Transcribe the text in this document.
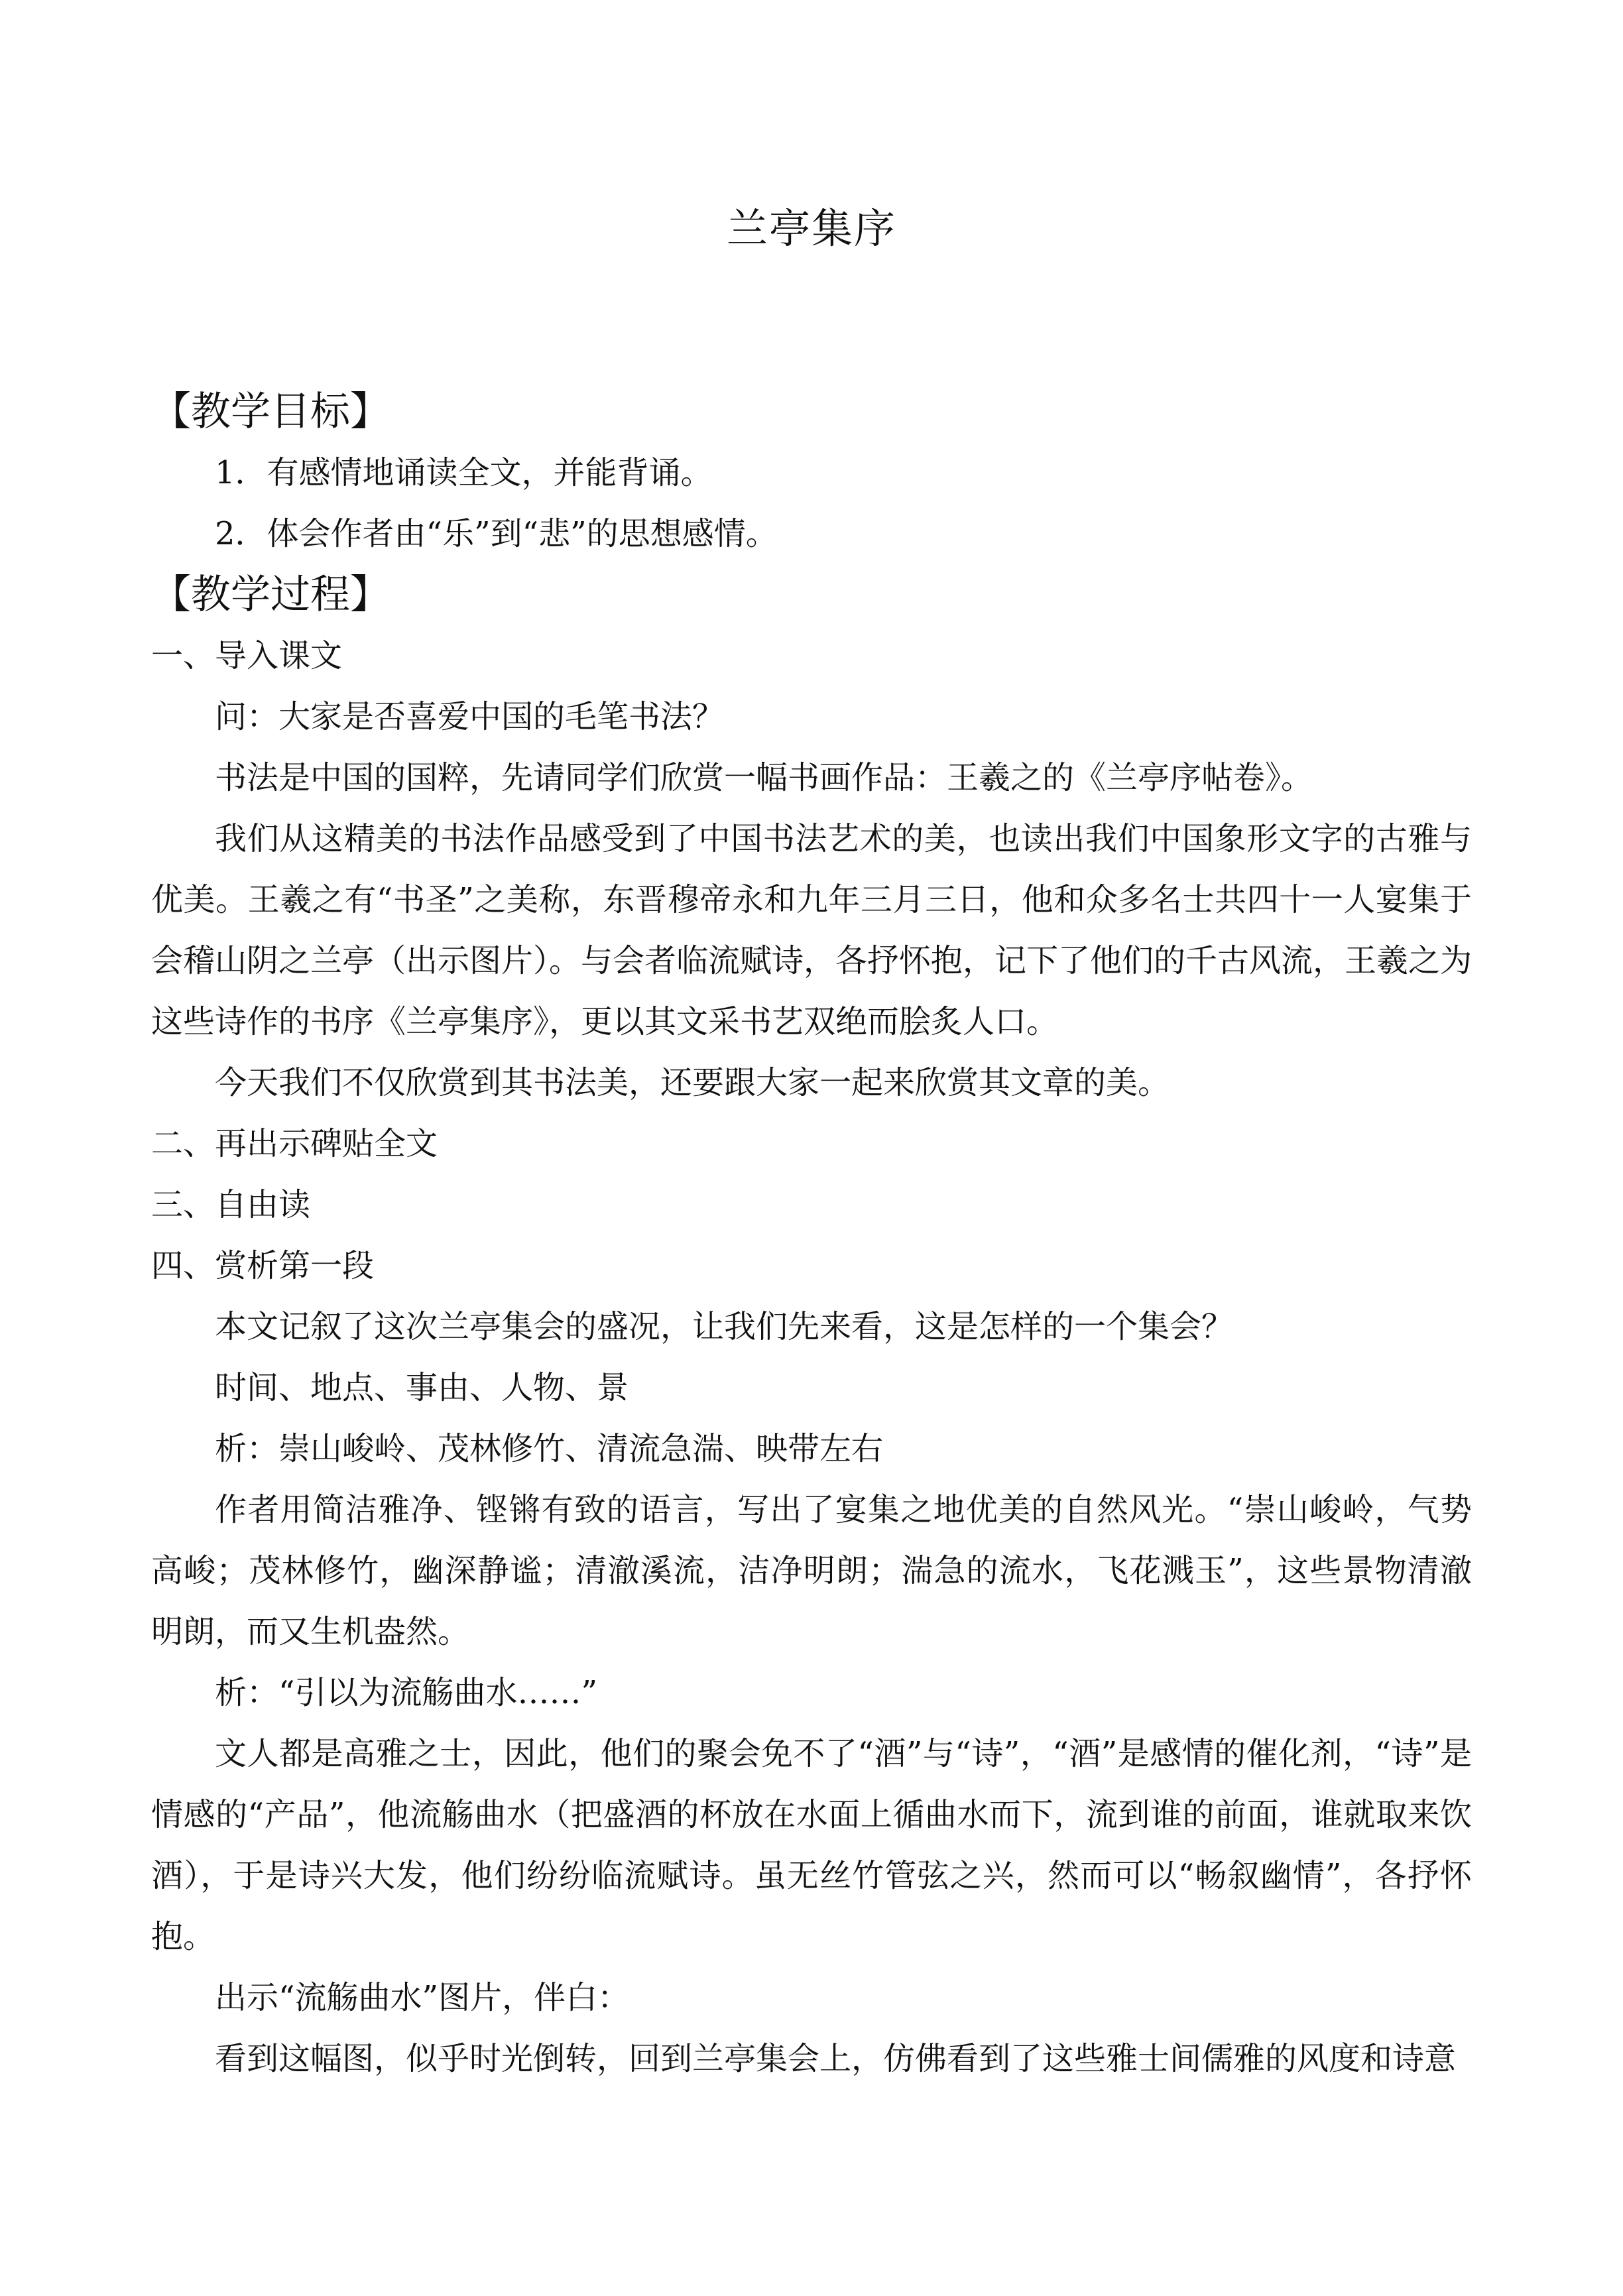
兰亭集序
【教学目标】
1．有感情地诵读全文，并能背诵。
2．体会作者由“乐”到“悲”的思想感情。
【教学过程】
一、导入课文
问：大家是否喜爱中国的毛笔书法？
书法是中国的国粹，先请同学们欣赏一幅书画作品：王羲之的《兰亭序帖卷》。
我们从这精美的书法作品感受到了中国书法艺术的美，也读出我们中国象形文字的古雅与优美。王羲之有“书圣”之美称，东晋穆帝永和九年三月三日，他和众多名士共四十一人宴集于会稽山阴之兰亭（出示图片）。与会者临流赋诗，各抒怀抱，记下了他们的千古风流，王羲之为这些诗作的书序《兰亭集序》，更以其文采书艺双绝而脍炙人口。
今天我们不仅欣赏到其书法美，还要跟大家一起来欣赏其文章的美。
二、再出示碑贴全文
三、自由读
四、赏析第一段
本文记叙了这次兰亭集会的盛况，让我们先来看，这是怎样的一个集会？
时间、地点、事由、人物、景
析：崇山峻岭、茂林修竹、清流急湍、映带左右
作者用简洁雅净、铿锵有致的语言，写出了宴集之地优美的自然风光。“崇山峻岭，气势高峻；茂林修竹，幽深静谧；清澈溪流，洁净明朗；湍急的流水，飞花溅玉”，这些景物清澈明朗，而又生机盎然。
析：“引以为流觞曲水……”
文人都是高雅之士，因此，他们的聚会免不了“酒”与“诗”，“酒”是感情的催化剂，“诗”是情感的“产品”，他流觞曲水（把盛酒的杯放在水面上循曲水而下，流到谁的前面，谁就取来饮酒），于是诗兴大发，他们纷纷临流赋诗。虽无丝竹管弦之兴，然而可以“畅叙幽情”，各抒怀抱。
出示“流觞曲水”图片，伴白：
看到这幅图，似乎时光倒转，回到兰亭集会上，仿佛看到了这些雅士间儒雅的风度和诗意
